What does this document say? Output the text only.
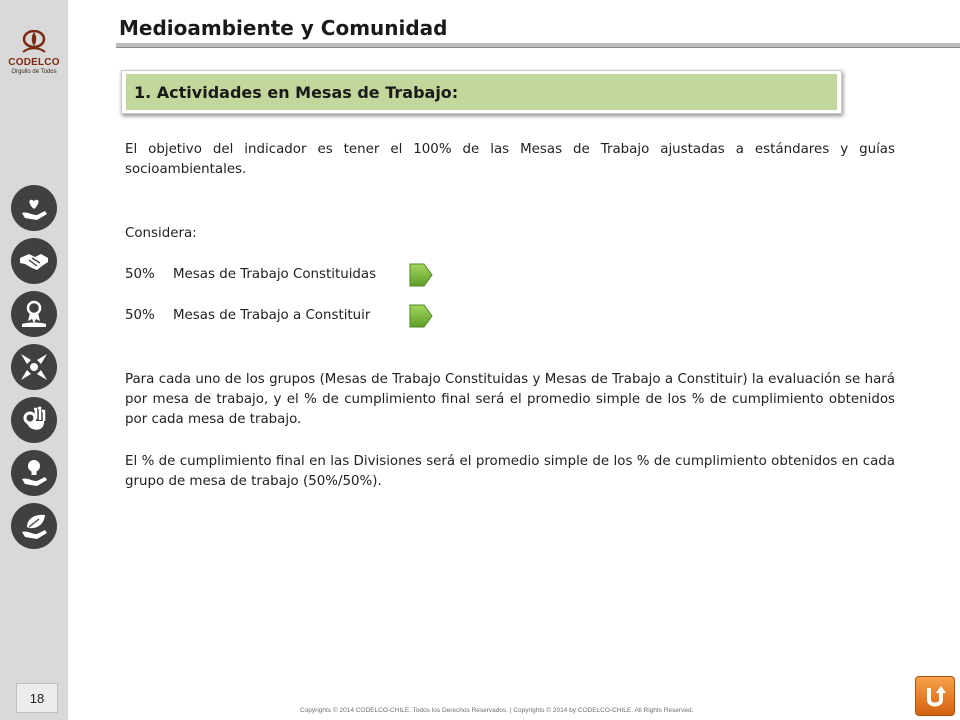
CODELCO
Orgullo de Todos
18
Medioambiente y Comunidad
1. Actividades en Mesas de Trabajo:

El objetivo del indicador es tener el 100% de las Mesas de Trabajo ajustadas a estándares y guías socioambientales.

Considera:
50%	Mesas de Trabajo Constituidas
50%	Mesas de Trabajo a Constituir

Para cada uno de los grupos (Mesas de Trabajo Constituidas y Mesas de Trabajo a Constituir) la evaluación se hará por mesa de trabajo, y el % de cumplimiento final será el promedio simple de los % de cumplimiento obtenidos por cada mesa de trabajo.

El % de cumplimiento final en las Divisiones será el promedio simple de los % de cumplimiento obtenidos en cada grupo de mesa de trabajo (50%/50%).

Copyrights © 2014 CODELCO-CHILE. Todos los Derechos Reservados. | Copyrights © 2014 by CODELCO-CHILE. All Rights Reserved.
